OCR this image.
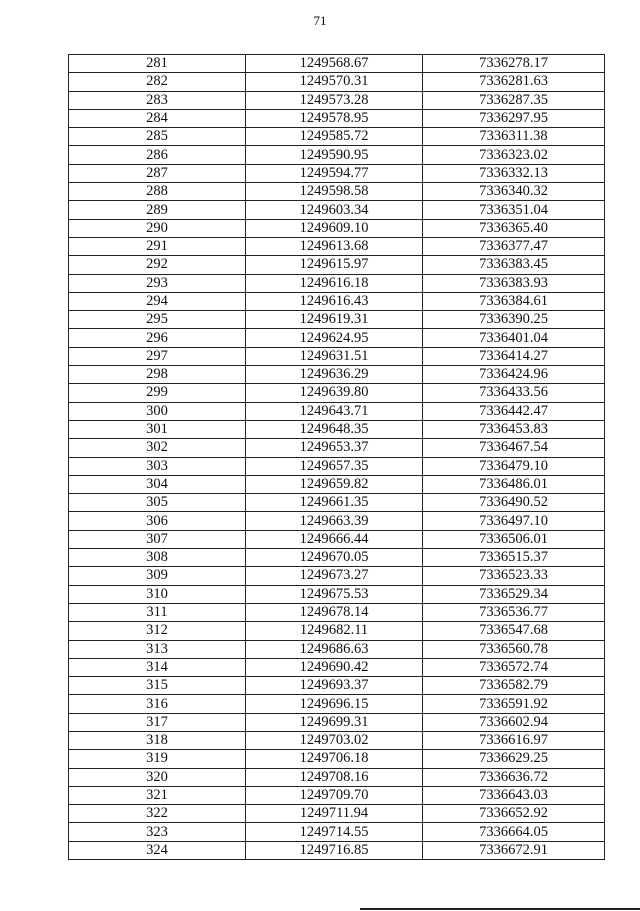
71
281	1249568.67	7336278.17
282	1249570.31	7336281.63
283	1249573.28	7336287.35
284	1249578.95	7336297.95
285	1249585.72	7336311.38
286	1249590.95	7336323.02
287	1249594.77	7336332.13
288	1249598.58	7336340.32
289	1249603.34	7336351.04
290	1249609.10	7336365.40
291	1249613.68	7336377.47
292	1249615.97	7336383.45
293	1249616.18	7336383.93
294	1249616.43	7336384.61
295	1249619.31	7336390.25
296	1249624.95	7336401.04
297	1249631.51	7336414.27
298	1249636.29	7336424.96
299	1249639.80	7336433.56
300	1249643.71	7336442.47
301	1249648.35	7336453.83
302	1249653.37	7336467.54
303	1249657.35	7336479.10
304	1249659.82	7336486.01
305	1249661.35	7336490.52
306	1249663.39	7336497.10
307	1249666.44	7336506.01
308	1249670.05	7336515.37
309	1249673.27	7336523.33
310	1249675.53	7336529.34
311	1249678.14	7336536.77
312	1249682.11	7336547.68
313	1249686.63	7336560.78
314	1249690.42	7336572.74
315	1249693.37	7336582.79
316	1249696.15	7336591.92
317	1249699.31	7336602.94
318	1249703.02	7336616.97
319	1249706.18	7336629.25
320	1249708.16	7336636.72
321	1249709.70	7336643.03
322	1249711.94	7336652.92
323	1249714.55	7336664.05
324	1249716.85	7336672.91
